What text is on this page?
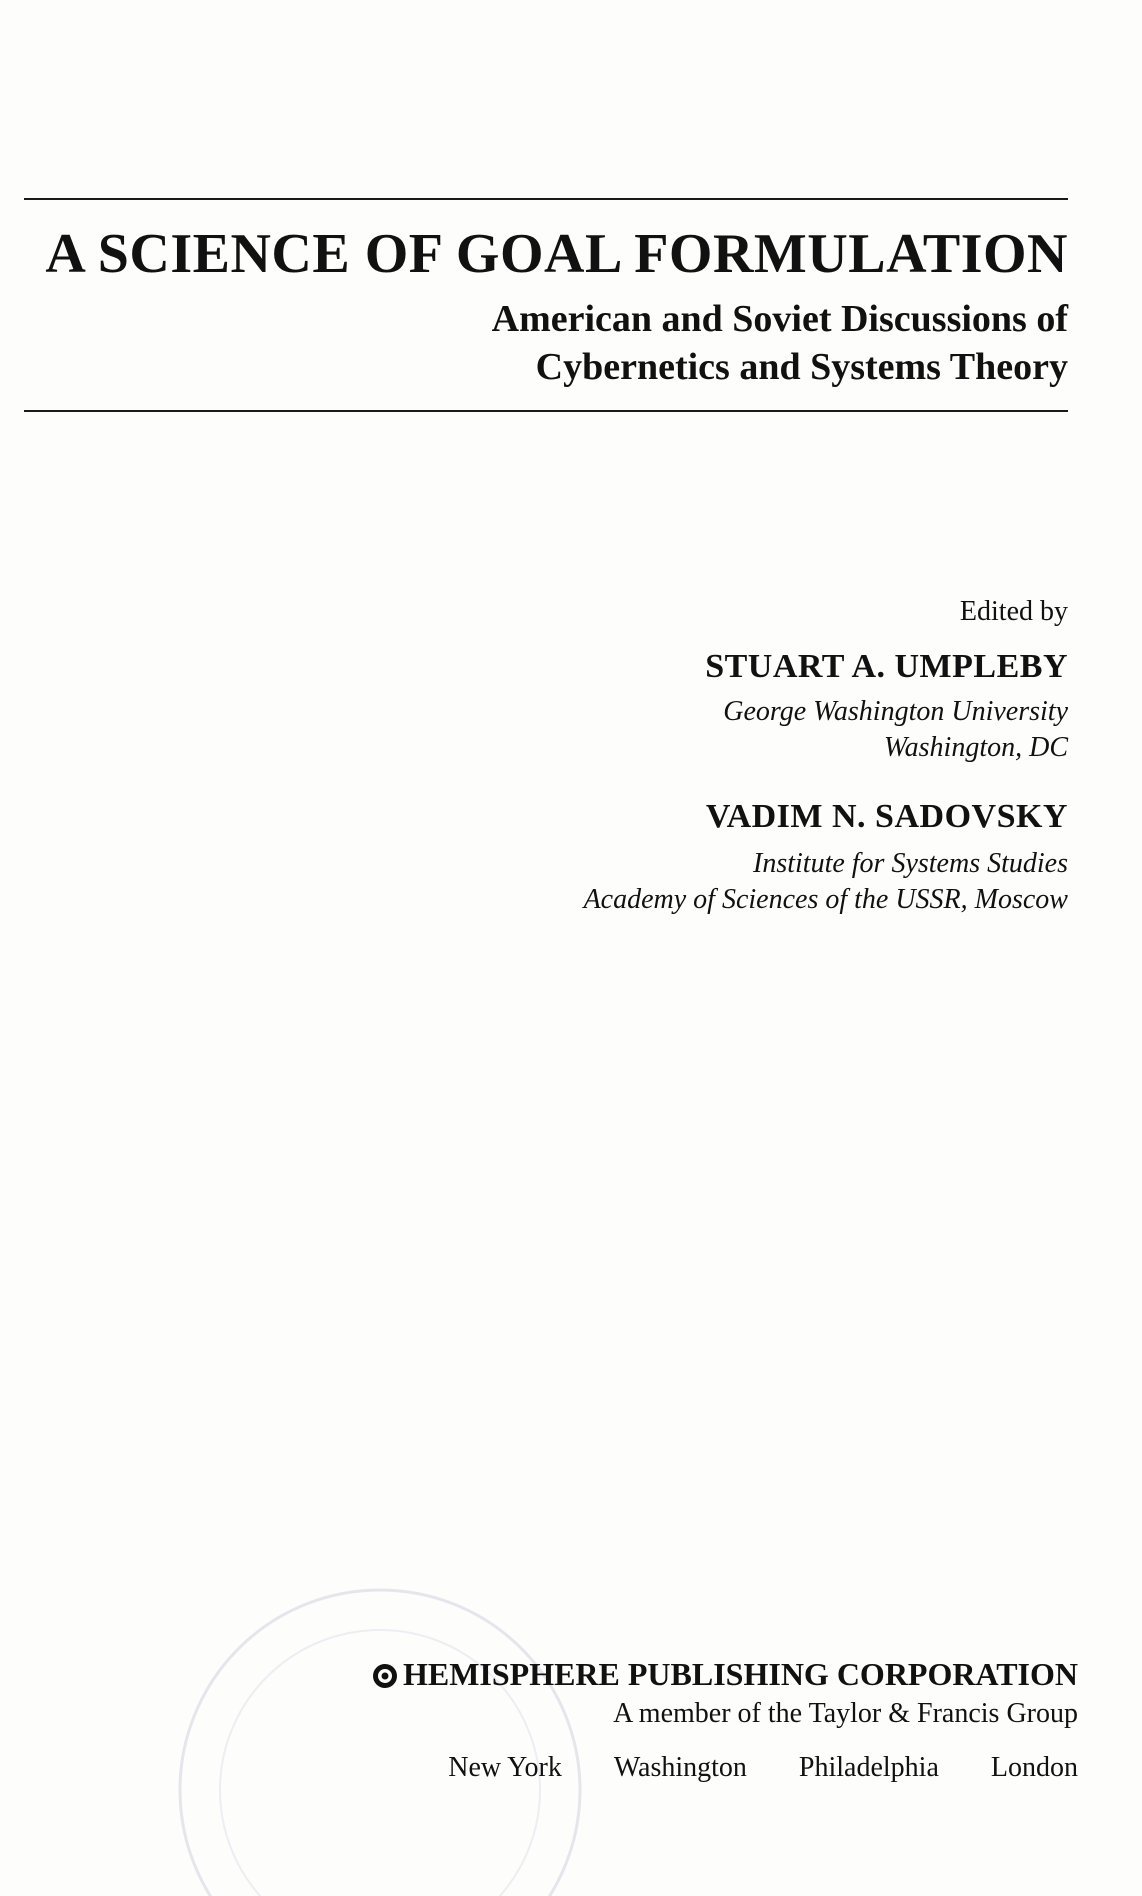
A SCIENCE OF GOAL FORMULATION
American and Soviet Discussions of
Cybernetics and Systems Theory
Edited by
STUART A. UMPLEBY
George Washington University
Washington, DC
VADIM N. SADOVSKY
Institute for Systems Studies
Academy of Sciences of the USSR, Moscow
HEMISPHERE PUBLISHING CORPORATION
A member of the Taylor & Francis Group
New York Washington Philadelphia London
